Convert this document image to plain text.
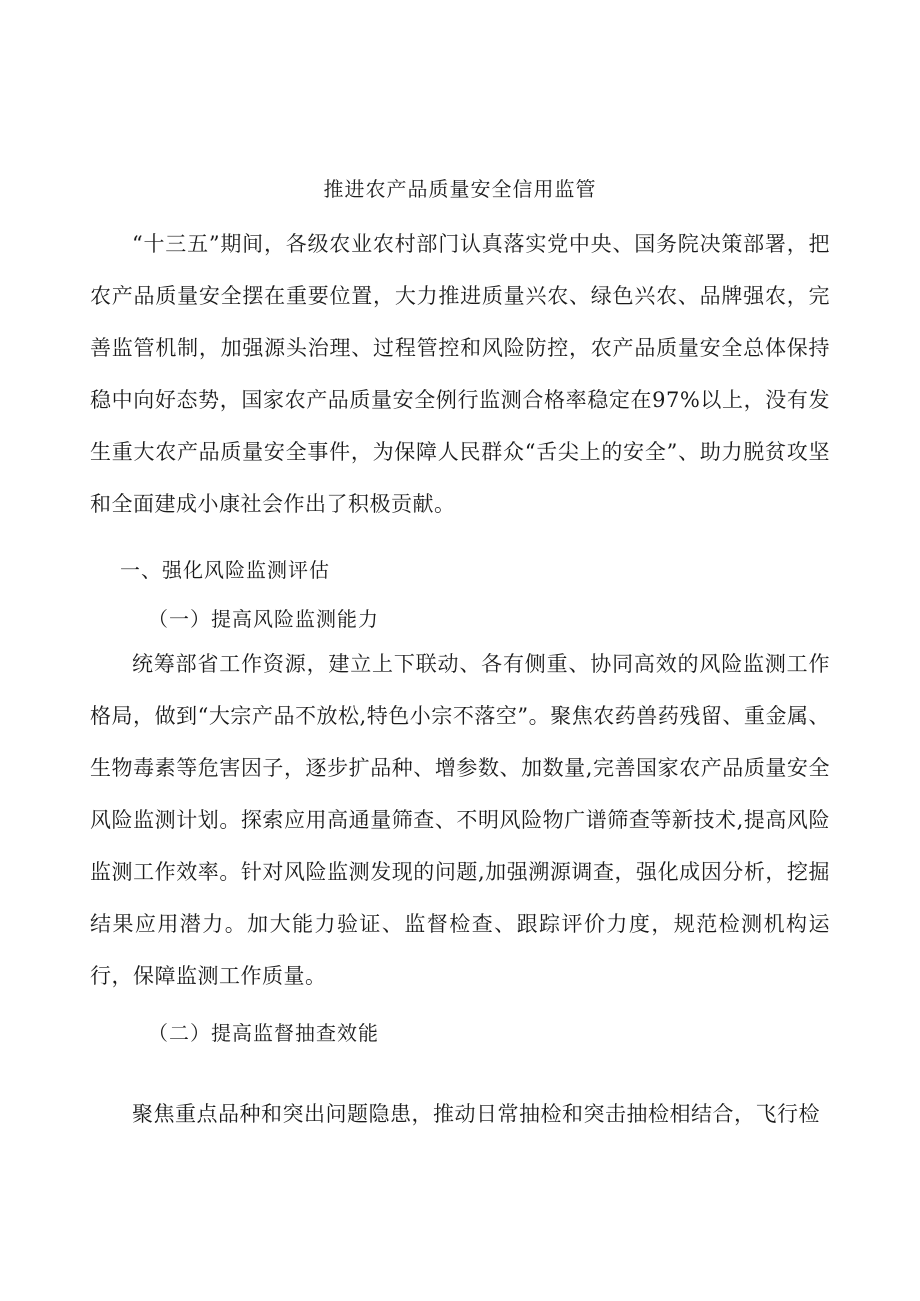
推进农产品质量安全信用监管

“十三五”期间，各级农业农村部门认真落实党中央、国务院决策部署，把农产品质量安全摆在重要位置，大力推进质量兴农、绿色兴农、品牌强农，完善监管机制，加强源头治理、过程管控和风险防控，农产品质量安全总体保持稳中向好态势，国家农产品质量安全例行监测合格率稳定在97%以上，没有发生重大农产品质量安全事件，为保障人民群众“舌尖上的安全”、助力脱贫攻坚和全面建成小康社会作出了积极贡献。

一、强化风险监测评估
（一）提高风险监测能力

统筹部省工作资源，建立上下联动、各有侧重、协同高效的风险监测工作格局，做到“大宗产品不放松,特色小宗不落空”。聚焦农药兽药残留、重金属、生物毒素等危害因子，逐步扩品种、增参数、加数量,完善国家农产品质量安全风险监测计划。探索应用高通量筛查、不明风险物广谱筛查等新技术,提高风险监测工作效率。针对风险监测发现的问题,加强溯源调查，强化成因分析，挖掘结果应用潜力。加大能力验证、监督检查、跟踪评价力度，规范检测机构运行，保障监测工作质量。

（二）提高监督抽查效能

聚焦重点品种和突出问题隐患，推动日常抽检和突击抽检相结合，飞行检
